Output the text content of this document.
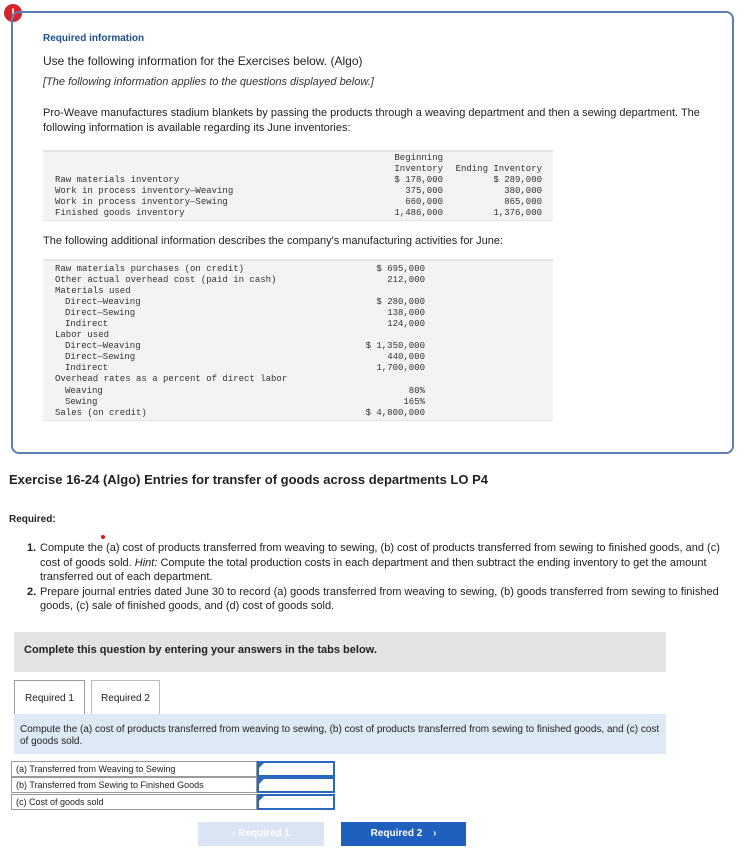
!
Required information
Use the following information for the Exercises below. (Algo)
[The following information applies to the questions displayed below.]
Pro-Weave manufactures stadium blankets by passing the products through a weaving department and then a sewing department. The following information is available regarding its June inventories:
Beginning
Inventory Ending Inventory
Raw materials inventory	$ 178,000	$ 289,000
Work in process inventory—Weaving	375,000	380,000
Work in process inventory—Sewing	660,000	865,000
Finished goods inventory	1,486,000	1,376,000
The following additional information describes the company's manufacturing activities for June:
Raw materials purchases (on credit)	$ 695,000
Other actual overhead cost (paid in cash)	212,000
Materials used
Direct—Weaving	$ 280,000
Direct—Sewing	138,000
Indirect	124,000
Labor used
Direct—Weaving	$ 1,350,000
Direct—Sewing	440,000
Indirect	1,700,000
Overhead rates as a percent of direct labor
Weaving	80%
Sewing	165%
Sales (on credit)	$ 4,800,000
Exercise 16-24 (Algo) Entries for transfer of goods across departments LO P4
Required:
1. Compute the (a) cost of products transferred from weaving to sewing, (b) cost of products transferred from sewing to finished goods, and (c) cost of goods sold. Hint: Compute the total production costs in each department and then subtract the ending inventory to get the amount transferred out of each department.
2. Prepare journal entries dated June 30 to record (a) goods transferred from weaving to sewing, (b) goods transferred from sewing to finished goods, (c) sale of finished goods, and (d) cost of goods sold.
Complete this question by entering your answers in the tabs below.
Required 1	Required 2
Compute the (a) cost of products transferred from weaving to sewing, (b) cost of products transferred from sewing to finished goods, and (c) cost of goods sold.
(a) Transferred from Weaving to Sewing
(b) Transferred from Sewing to Finished Goods
(c) Cost of goods sold
‹ Required 1	Required 2 ›
